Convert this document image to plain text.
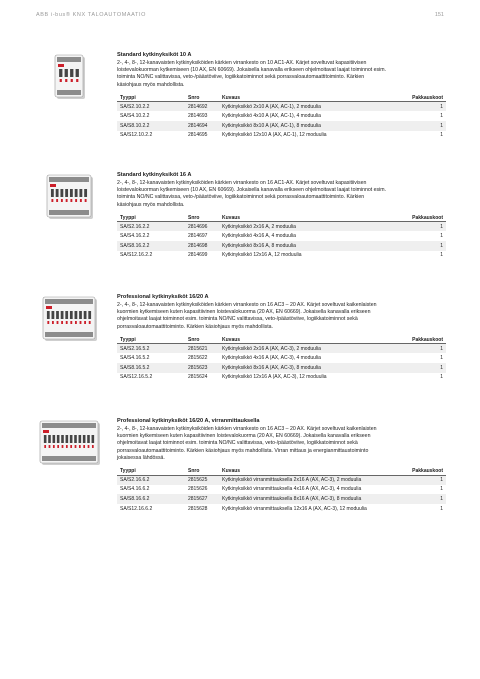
ABB i-bus® KNX TALOAUTOMAATIO	151
Standard kytkinyksiköt 10 A
2-, 4-, 8-, 12-kanavaisten kytkinyksiköiden kärkien virrankesto on 10 AC1-AX. Kärjet soveltuvat kapasitiivisen
loistevalokuorman kytkemiseen (10 AX, EN 60669). Jokaisella kanavalla erikseen ohjelmoitavat laajat toiminnot esim.
toiminta NO/NC valittavissa, veto-/päästöviive, logiikkatoiminnot sekä porrasvaloautomaattitoiminto. Kärkien
käsiohjaus myös mahdollista.
Tyyppi	Snro	Kuvaus	Pakkauskoot
SA/S2.10.2.2	2814692	Kytkinyksikkö 2x10 A (AX, AC-1), 2 moduulia	1
SA/S4.10.2.2	2814693	Kytkinyksikkö 4x10 A (AX, AC-1), 4 moduulia	1
SA/S8.10.2.2	2814694	Kytkinyksikkö 8x10 A (AX, AC-1), 8 moduulia	1
SA/S12.10.2.2	2814695	Kytkinyksikkö 12x10 A (AX, AC-1), 12 moduulia	1
Standard kytkinyksiköt 16 A
2-, 4-, 8-, 12-kanavaisten kytkinyksiköiden kärkien virrankesto on 16 AC1-AX. Kärjet soveltuvat kapasitiivisen
loistevalokuorman kytkemiseen (10 AX, EN 60669). Jokaisella kanavalla erikseen ohjelmoitavat laajat toiminnot esim.
toiminta NO/NC valittavissa, veto-/päästöviive, logiikkatoiminnot sekä porrasvaloautomaattitoiminto. Kärkien
käsiohjaus myös mahdollista.
Tyyppi	Snro	Kuvaus	Pakkauskoot
SA/S2.16.2.2	2814696	Kytkinyksikkö 2x16 A, 2 moduulia	1
SA/S4.16.2.2	2814697	Kytkinyksikkö 4x16 A, 4 moduulia	1
SA/S8.16.2.2	2814698	Kytkinyksikkö 8x16 A, 8 moduulia	1
SA/S12.16.2.2	2814699	Kytkinyksikkö 12x16 A, 12 moduulia	1
Professional kytkinyksiköt 16/20 A
2-, 4-, 8-, 12-kanavaisten kytkinyksiköiden kärkien virrankesto on 16 AC3 – 20 AX. Kärjet soveltuvat kaikenlaisten
kuormien kytkemiseen kuten kapasitiivinen loistevalokuorma (20 AX, EN 60669). Jokaisella kanavalla erikseen
ohjelmoitavat laajat toiminnot esim. toiminta NO/NC valittavissa, veto-/päästöviive, logiikkatoiminnot sekä
porrasvaloautomaattitoiminto. Kärkien käsiohjaus myös mahdollista.
Tyyppi	Snro	Kuvaus	Pakkauskoot
SA/S2.16.5.2	2815621	Kytkinyksikkö 2x16 A (AX, AC-3), 2 moduulia	1
SA/S4.16.5.2	2815622	Kytkinyksikkö 4x16 A (AX, AC-3), 4 moduulia	1
SA/S8.16.5.2	2815623	Kytkinyksikkö 8x16 A (AX, AC-3), 8 moduulia	1
SA/S12.16.5.2	2815624	Kytkinyksikkö 12x16 A (AX, AC-3), 12 moduulia	1
Professional kytkinyksiköt 16/20 A, virranmittauksella
2-, 4-, 8-, 12-kanavaisten kytkinyksiköiden kärkien virrankesto on 16 AC3 – 20 AX. Kärjet soveltuvat kaikenlaisten
kuormien kytkemiseen kuten kapasitiivinen loistevalokuorma (20 AX, EN 60669). Jokaisella kanavalla erikseen
ohjelmoitavat laajat toiminnot esim. toiminta NO/NC valittavissa, veto-/päästöviive, logiikkatoiminnot sekä
porrasvaloautomaattitoiminto. Kärkien käsiohjaus myös mahdollista. Virran mittaus ja energianmittaustoiminto
jokaisessa lähdössä.
Tyyppi	Snro	Kuvaus	Pakkauskoot
SA/S2.16.6.2	2815625	Kytkinyksikkö virranmittauksella 2x16 A (AX, AC-3), 2 moduulia	1
SA/S4.16.6.2	2815626	Kytkinyksikkö virranmittauksella 4x16 A (AX, AC-3), 4 moduulia	1
SA/S8.16.6.2	2815627	Kytkinyksikkö virranmittauksella 8x16 A (AX, AC-3), 8 moduulia	1
SA/S12.16.6.2	2815628	Kytkinyksikkö virranmittauksella 12x16 A (AX, AC-3), 12 moduulia	1
